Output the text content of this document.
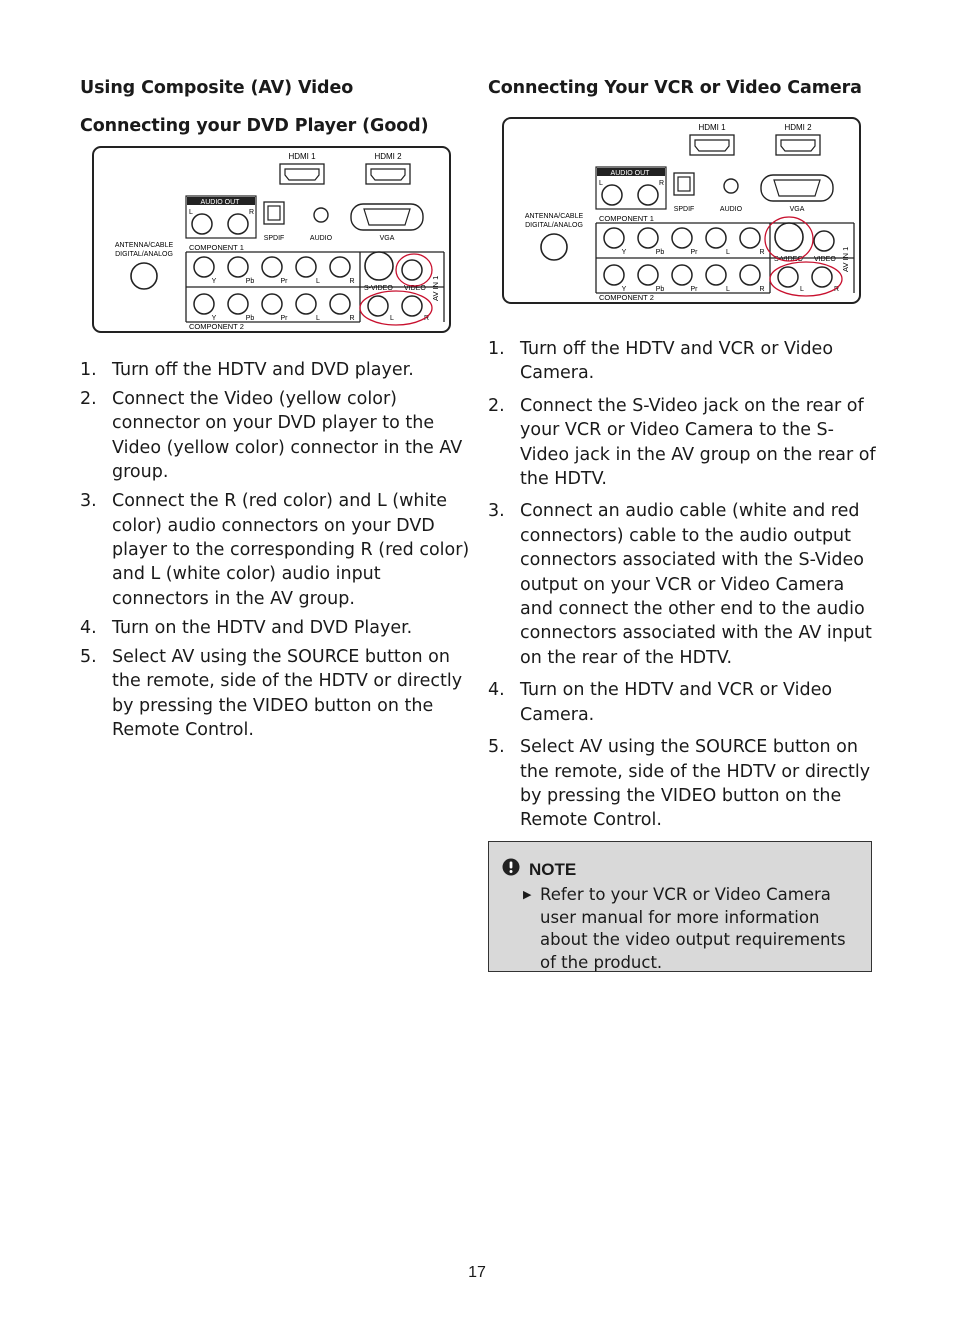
Using Composite (AV) Video
Connecting your DVD Player (Good)
HDMI 1	HDMI 2
AUDIO OUT
L	R
SPDIF	AUDIO	VGA
ANTENNA/CABLE
DIGITAL/ANALOG
COMPONENT 1
COMPONENT 2
Y	Pb	Pr	L	R
Y	Pb	Pr	L	R
S-VIDEO VIDEO
L	R
AV IN 1
1. Turn off the HDTV and DVD player.
2. Connect the Video (yellow color) connector on your DVD player to the Video (yellow color) connector in the AV group.
3. Connect the R (red color) and L (white color) audio connectors on your DVD player to the corresponding R (red color) and L (white color) audio input connectors in the AV group.
4. Turn on the HDTV and DVD Player.
5. Select AV using the SOURCE button on the remote, side of the HDTV or directly by pressing the VIDEO button on the Remote Control.
Connecting Your VCR or Video Camera
HDMI 1	HDMI 2
AUDIO OUT
L	R
SPDIF	AUDIO	VGA
ANTENNA/CABLE
DIGITAL/ANALOG
COMPONENT 1
COMPONENT 2
Y	Pb	Pr	L	R
Y	Pb	Pr	L	R
S-VIDEO VIDEO
L	R
AV IN 1
1. Turn off the HDTV and VCR or Video Camera.
2. Connect the S-Video jack on the rear of your VCR or Video Camera to the S-Video jack in the AV group on the rear of the HDTV.
3. Connect an audio cable (white and red connectors) cable to the audio output connectors associated with the S-Video output on your VCR or Video Camera and connect the other end to the audio connectors associated with the AV input on the rear of the HDTV.
4. Turn on the HDTV and VCR or Video Camera.
5. Select AV using the SOURCE button on the remote, side of the HDTV or directly by pressing the VIDEO button on the Remote Control.
NOTE
▶ Refer to your VCR or Video Camera user manual for more information about the video output requirements of the product.
17
